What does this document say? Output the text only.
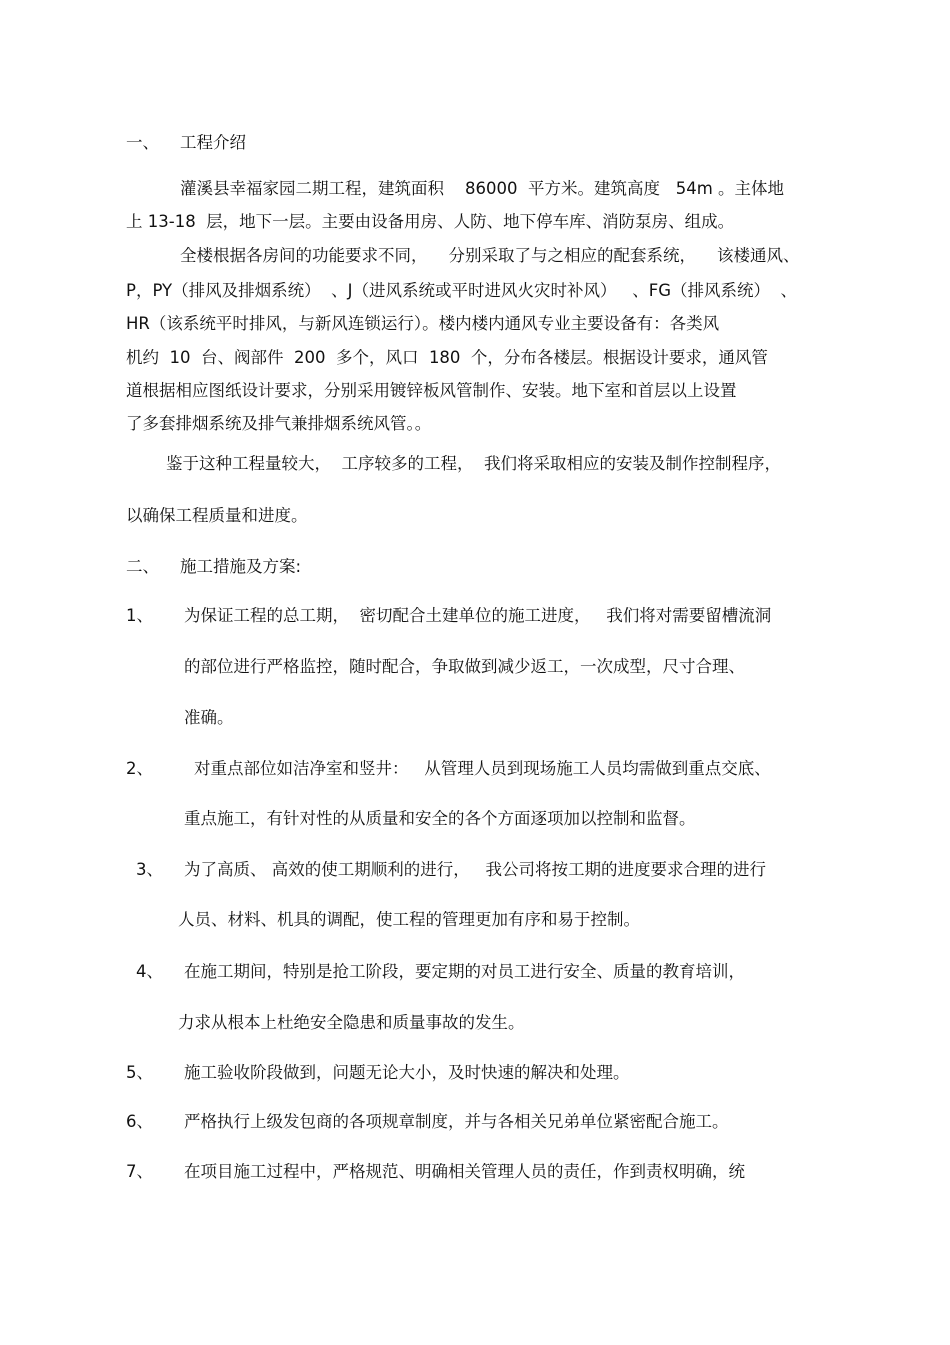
一、 工程介绍
灌溪县幸福家园二期工程，建筑面积    86000  平方米。建筑高度   54m 。主体地
上 13-18  层，地下一层。主要由设备用房、人防、地下停车库、消防泵房、组成。
全楼根据各房间的功能要求不同，    分别采取了与之相应的配套系统，    该楼通风、
P，PY（排风及排烟系统）  、J（进风系统或平时进风火灾时补风）   、FG（排风系统）  、
HR（该系统平时排风，与新风连锁运行）。楼内楼内通风专业主要设备有：各类风
机约  10  台、阀部件  200  多个，风口  180  个，分布各楼层。根据设计要求，通风管
道根据相应图纸设计要求，分别采用镀锌板风管制作、安装。地下室和首层以上设置
了多套排烟系统及排气兼排烟系统风管。。
鉴于这种工程量较大，  工序较多的工程，  我们将采取相应的安装及制作控制程序，
以确保工程质量和进度。
二、 施工措施及方案:
1、 为保证工程的总工期，  密切配合土建单位的施工进度，   我们将对需要留槽流洞
的部位进行严格监控，随时配合，争取做到减少返工，一次成型，尺寸合理、
准确。
2、 对重点部位如洁净室和竖井：   从管理人员到现场施工人员均需做到重点交底、
重点施工，有针对性的从质量和安全的各个方面逐项加以控制和监督。
3、 为了高质、 高效的使工期顺利的进行，   我公司将按工期的进度要求合理的进行
人员、材料、机具的调配，使工程的管理更加有序和易于控制。
4、 在施工期间，特别是抢工阶段，要定期的对员工进行安全、质量的教育培训，
力求从根本上杜绝安全隐患和质量事故的发生。
5、 施工验收阶段做到，问题无论大小，及时快速的解决和处理。
6、 严格执行上级发包商的各项规章制度，并与各相关兄弟单位紧密配合施工。
7、 在项目施工过程中，严格规范、明确相关管理人员的责任，作到责权明确，统
